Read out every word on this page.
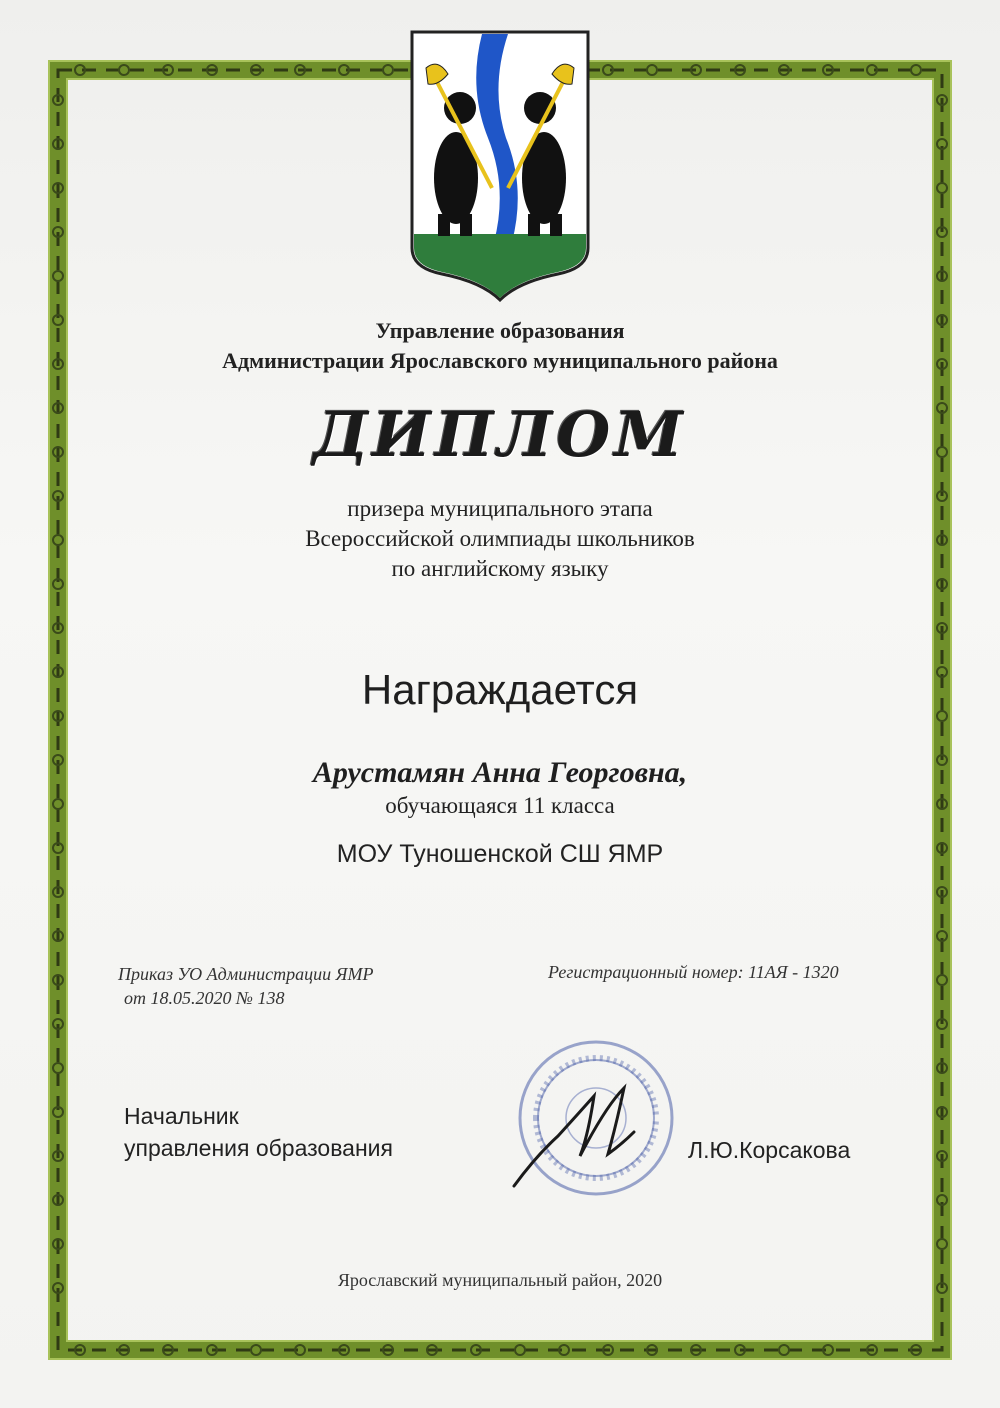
Управление образования
Администрации Ярославского муниципального района
ДИПЛОМ
призера муниципального этапа
Всероссийской олимпиады школьников
по английскому языку
Награждается
Арустамян Анна Георговна,
обучающаяся 11 класса
МОУ Туношенской СШ ЯМР
Приказ УО Администрации ЯМР
от 18.05.2020 № 138
Регистрационный номер: 11АЯ - 1320
Начальник
управления образования	Л.Ю.Корсакова
Ярославский муниципальный район, 2020
